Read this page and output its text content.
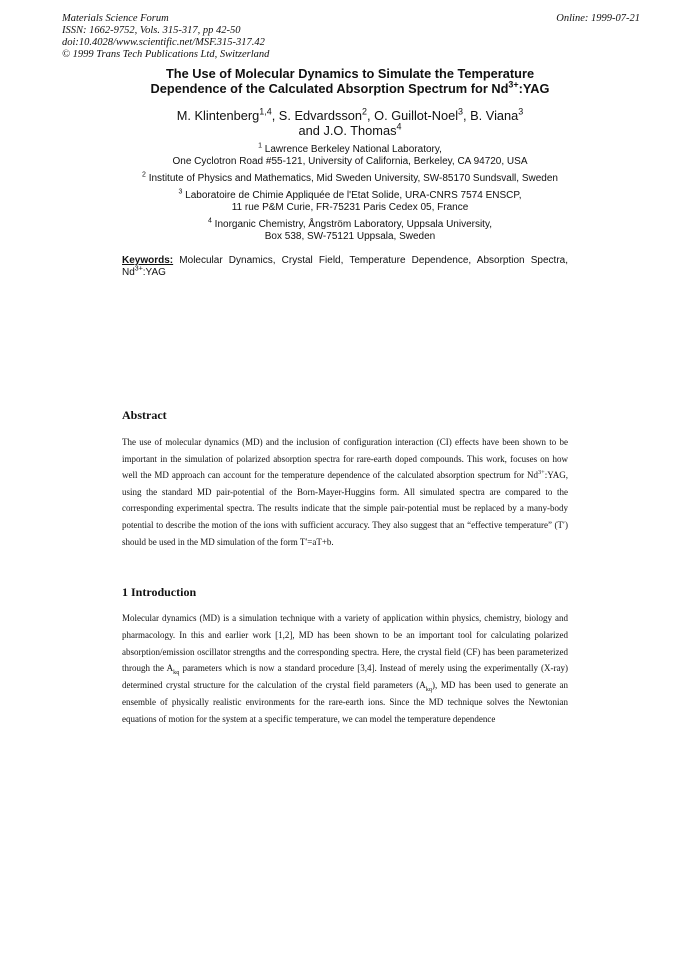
Materials Science Forum
ISSN: 1662-9752, Vols. 315-317, pp 42-50
doi:10.4028/www.scientific.net/MSF.315-317.42
© 1999 Trans Tech Publications Ltd, Switzerland
Online: 1999-07-21
The Use of Molecular Dynamics to Simulate the Temperature
Dependence of the Calculated Absorption Spectrum for $Nd^{3+}:YAG$
M. Klintenberg$^{1,4}$, S. Edvardsson$^2$, O. Guillot-Noel$^3$, B. Viana$^3$
and J.O. Thomas$^4$
$^1$ Lawrence Berkeley National Laboratory,
One Cyclotron Road #55-121, University of California, Berkeley, CA 94720, USA
$^2$ Institute of Physics and Mathematics, Mid Sweden University, SW-85170 Sundsvall, Sweden
$^3$ Laboratoire de Chimie Appliquée de l'Etat Solide, URA-CNRS 7574 ENSCP,
11 rue P&M Curie, FR-75231 Paris Cedex 05, France
$^4$ Inorganic Chemistry, Ångström Laboratory, Uppsala University,
Box 538, SW-75121 Uppsala, Sweden
Keywords: Molecular Dynamics, Crystal Field, Temperature Dependence, Absorption Spectra, $Nd^{3+}:YAG$
Abstract
The use of molecular dynamics (MD) and the inclusion of configuration interaction (CI) effects have been shown to be important in the simulation of polarized absorption spectra for rare-earth doped compounds. This work, focuses on how well the MD approach can account for the temperature dependence of the calculated absorption spectrum for $Nd^{3+}:YAG$, using the standard MD pair-potential of the Born-Mayer-Huggins form. All simulated spectra are compared to the corresponding experimental spectra. The results indicate that the simple pair-potential must be replaced by a many-body potential to describe the motion of the ions with sufficient accuracy. They also suggest that an “effective temperature” (T′) should be used in the MD simulation of the form T′=aT+b.
1 Introduction
Molecular dynamics (MD) is a simulation technique with a variety of application within physics, chemistry, biology and pharmacology. In this and earlier work [1,2], MD has been shown to be an important tool for calculating polarized absorption/emission oscillator strengths and the corresponding spectra. Here, the crystal field (CF) has been parameterized through the $A_{kq}$ parameters which is now a standard procedure [3,4]. Instead of merely using the experimentally (X-ray) determined crystal structure for the calculation of the crystal field parameters $(A_{kq})$, MD has been used to generate an ensemble of physically realistic environments for the rare-earth ions. Since the MD technique solves the Newtonian equations of motion for the system at a specific temperature, we can model the temperature dependence
